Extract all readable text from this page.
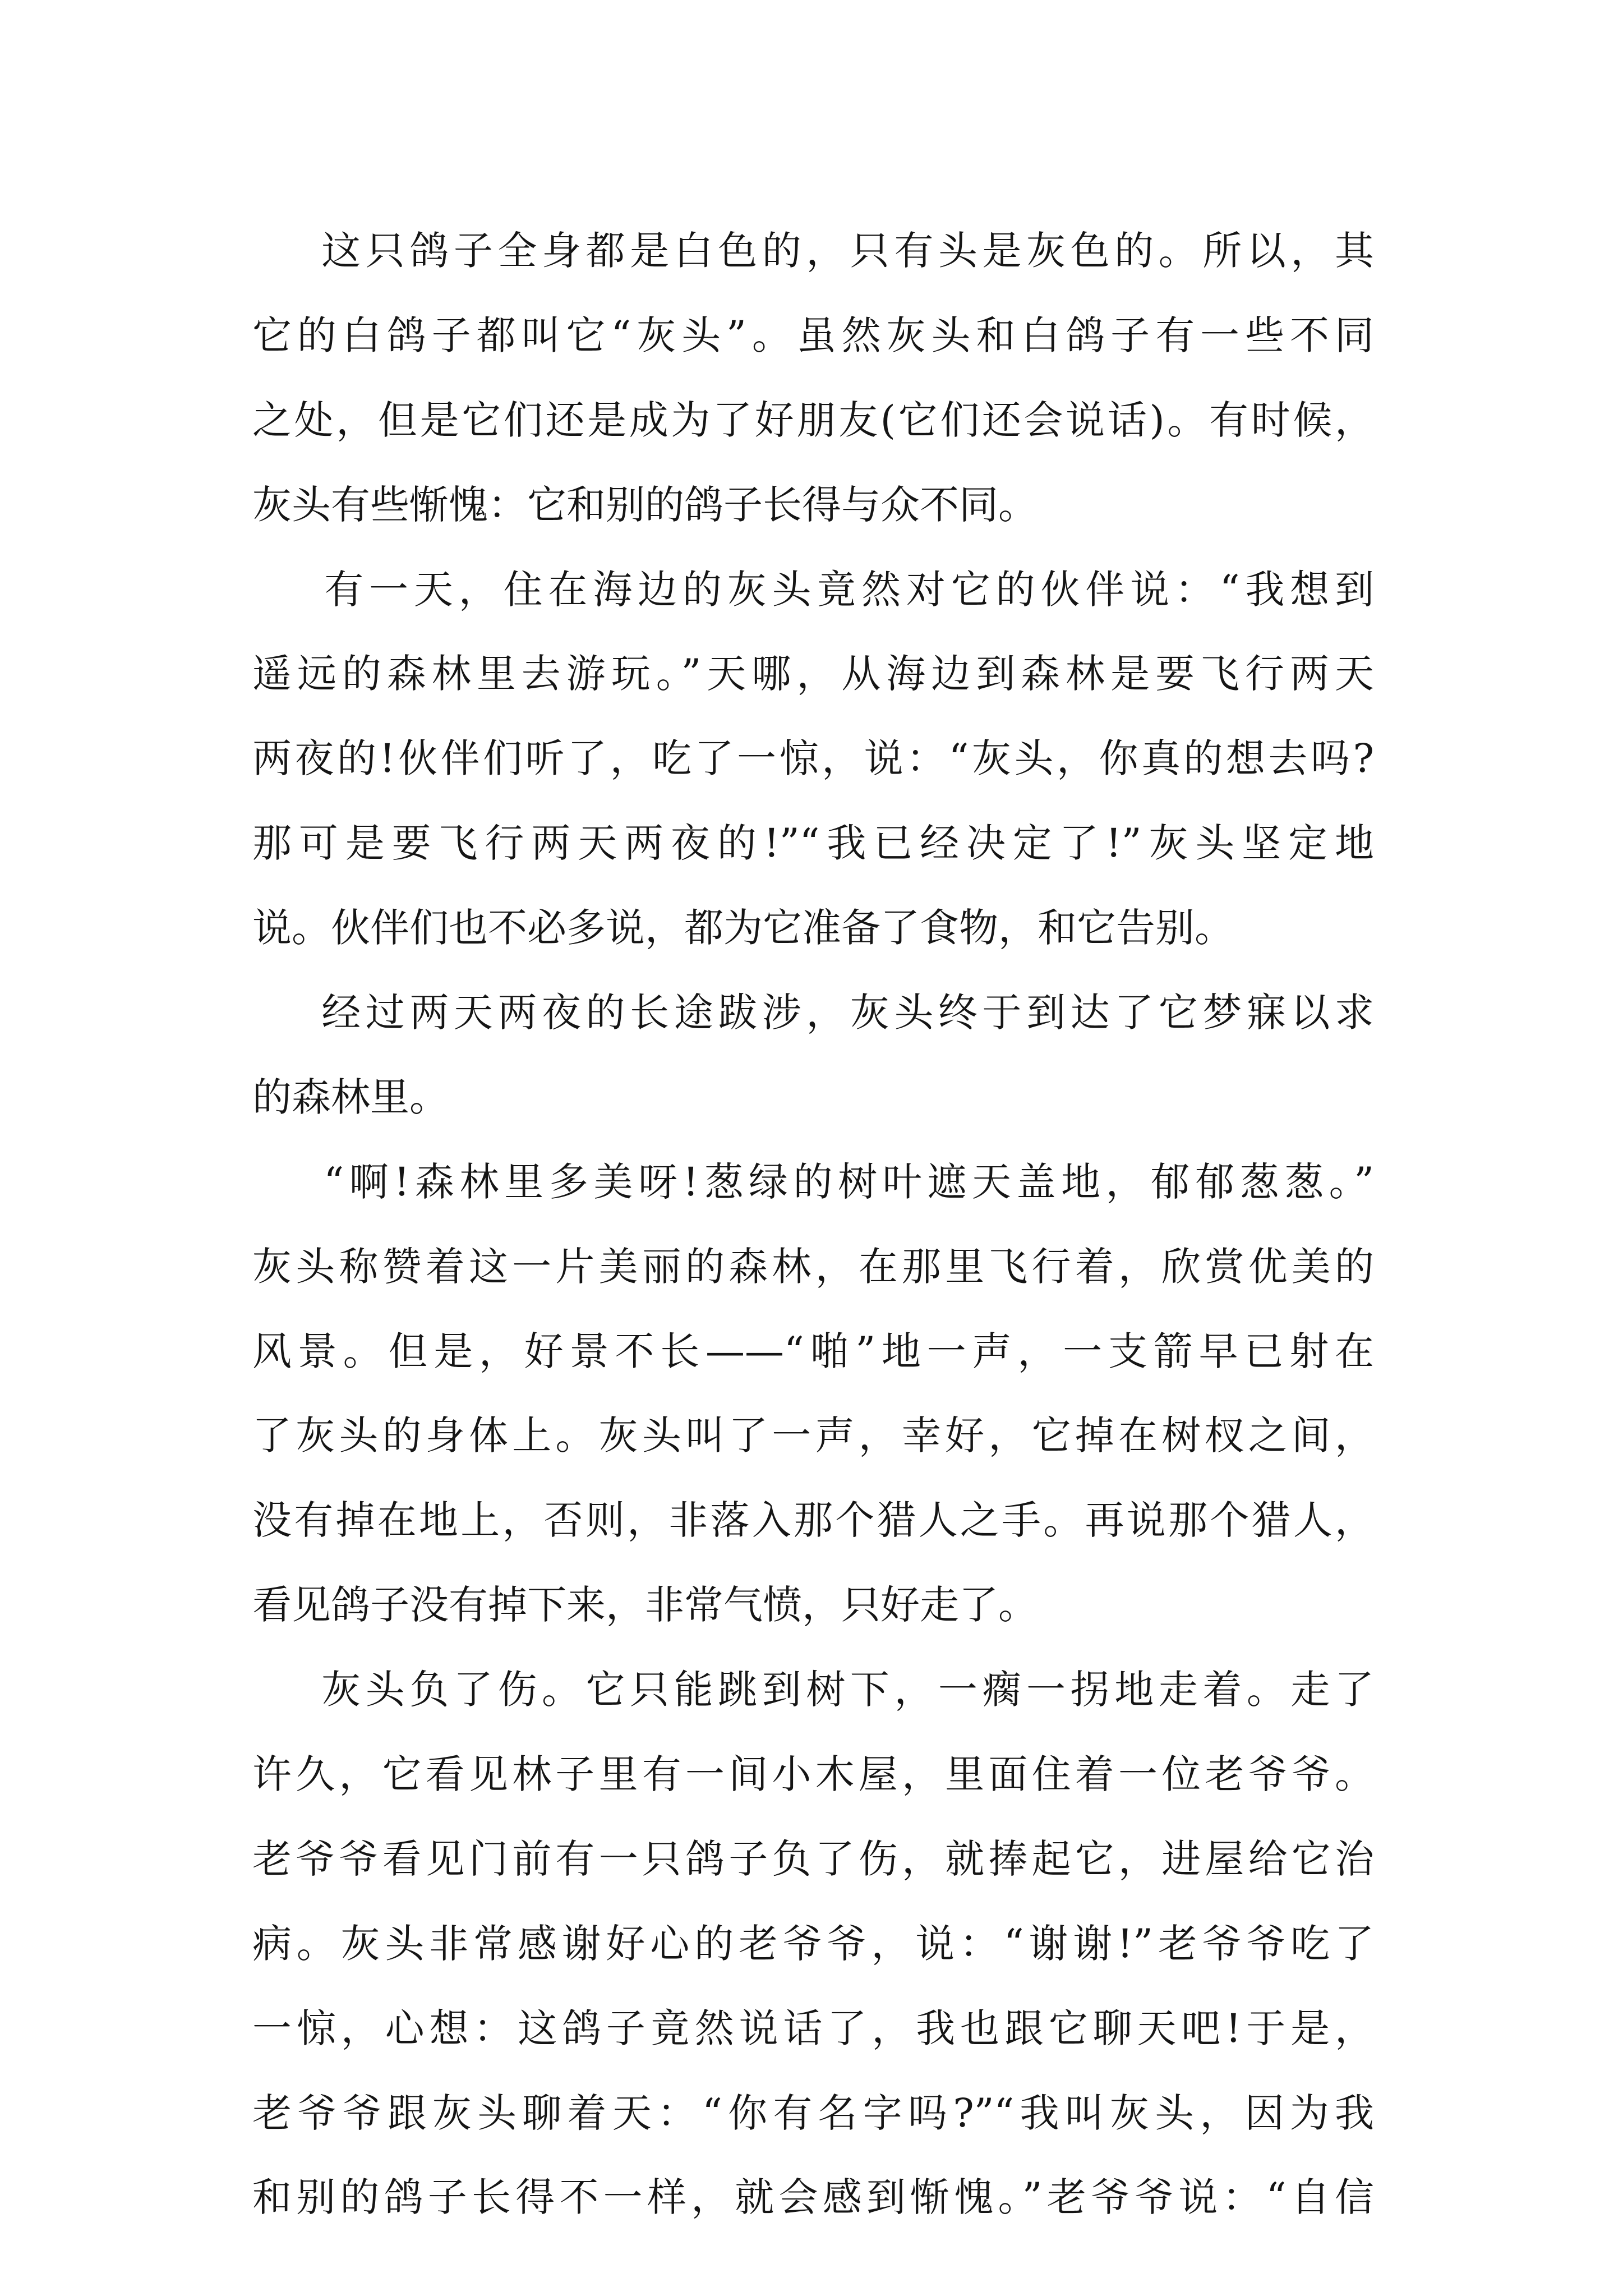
这只鸽子全身都是白色的，只有头是灰色的。所以，其
它的白鸽子都叫它“灰头”。虽然灰头和白鸽子有一些不同
之处，但是它们还是成为了好朋友(它们还会说话)。有时候，
灰头有些惭愧：它和别的鸽子长得与众不同。
有一天，住在海边的灰头竟然对它的伙伴说：“我想到
遥远的森林里去游玩。”天哪，从海边到森林是要飞行两天
两夜的!伙伴们听了，吃了一惊，说：“灰头，你真的想去吗?
那可是要飞行两天两夜的!”“我已经决定了!”灰头坚定地
说。伙伴们也不必多说，都为它准备了食物，和它告别。
经过两天两夜的长途跋涉，灰头终于到达了它梦寐以求
的森林里。
“啊!森林里多美呀!葱绿的树叶遮天盖地，郁郁葱葱。”
灰头称赞着这一片美丽的森林，在那里飞行着，欣赏优美的
风景。但是，好景不长——“啪”地一声，一支箭早已射在
了灰头的身体上。灰头叫了一声，幸好，它掉在树杈之间，
没有掉在地上，否则，非落入那个猎人之手。再说那个猎人，
看见鸽子没有掉下来，非常气愤，只好走了。
灰头负了伤。它只能跳到树下，一瘸一拐地走着。走了
许久，它看见林子里有一间小木屋，里面住着一位老爷爷。
老爷爷看见门前有一只鸽子负了伤，就捧起它，进屋给它治
病。灰头非常感谢好心的老爷爷，说：“谢谢!”老爷爷吃了
一惊，心想：这鸽子竟然说话了，我也跟它聊天吧!于是，
老爷爷跟灰头聊着天：“你有名字吗?”“我叫灰头，因为我
和别的鸽子长得不一样，就会感到惭愧。”老爷爷说：“自信
